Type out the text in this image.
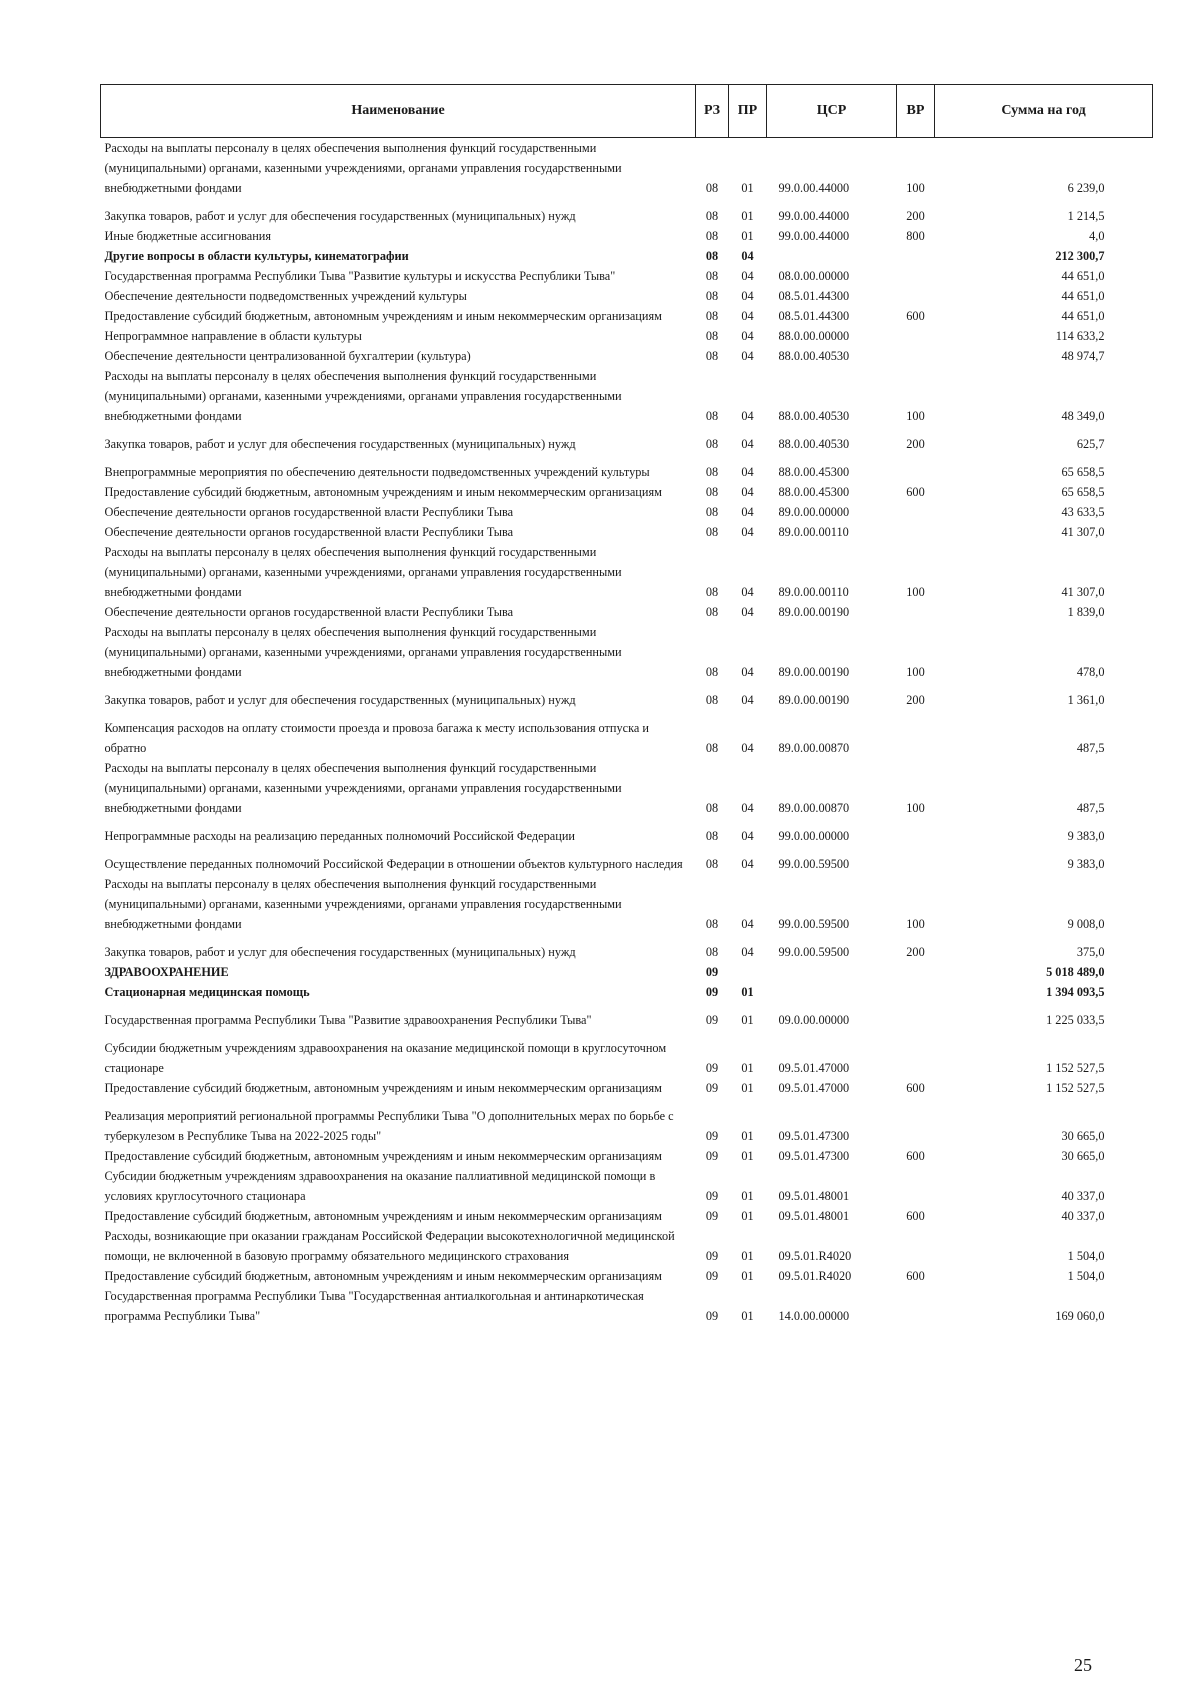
Наименование	РЗ	ПР	ЦСР	ВР	Сумма на год
Расходы на выплаты персоналу в целях обеспечения выполнения функций государственными (муниципальными) органами, казенными учреждениями, органами управления государственными внебюджетными фондами	08	01	99.0.00.44000	100	6 239,0
Закупка товаров, работ и услуг для обеспечения государственных (муниципальных) нужд	08	01	99.0.00.44000	200	1 214,5
Иные бюджетные ассигнования	08	01	99.0.00.44000	800	4,0
Другие вопросы в области культуры, кинематографии	08	04			212 300,7
Государственная программа Республики Тыва "Развитие культуры и искусства Республики Тыва"	08	04	08.0.00.00000		44 651,0
Обеспечение деятельности подведомственных учреждений культуры	08	04	08.5.01.44300		44 651,0
Предоставление субсидий бюджетным, автономным учреждениям и иным некоммерческим организациям	08	04	08.5.01.44300	600	44 651,0
Непрограммное направление в области культуры	08	04	88.0.00.00000		114 633,2
Обеспечение деятельности централизованной бухгалтерии (культура)	08	04	88.0.00.40530		48 974,7
Расходы на выплаты персоналу в целях обеспечения выполнения функций государственными (муниципальными) органами, казенными учреждениями, органами управления государственными внебюджетными фондами	08	04	88.0.00.40530	100	48 349,0
Закупка товаров, работ и услуг для обеспечения государственных (муниципальных) нужд	08	04	88.0.00.40530	200	625,7
Внепрограммные мероприятия по обеспечению деятельности подведомственных учреждений культуры	08	04	88.0.00.45300		65 658,5
Предоставление субсидий бюджетным, автономным учреждениям и иным некоммерческим организациям	08	04	88.0.00.45300	600	65 658,5
Обеспечение деятельности органов государственной власти Республики Тыва	08	04	89.0.00.00000		43 633,5
Обеспечение деятельности органов государственной власти Республики Тыва	08	04	89.0.00.00110		41 307,0
Расходы на выплаты персоналу в целях обеспечения выполнения функций государственными (муниципальными) органами, казенными учреждениями, органами управления государственными внебюджетными фондами	08	04	89.0.00.00110	100	41 307,0
Обеспечение деятельности органов государственной власти Республики Тыва	08	04	89.0.00.00190		1 839,0
Расходы на выплаты персоналу в целях обеспечения выполнения функций государственными (муниципальными) органами, казенными учреждениями, органами управления государственными внебюджетными фондами	08	04	89.0.00.00190	100	478,0
Закупка товаров, работ и услуг для обеспечения государственных (муниципальных) нужд	08	04	89.0.00.00190	200	1 361,0
Компенсация расходов на оплату стоимости проезда и провоза багажа к месту использования отпуска и обратно	08	04	89.0.00.00870		487,5
Расходы на выплаты персоналу в целях обеспечения выполнения функций государственными (муниципальными) органами, казенными учреждениями, органами управления государственными внебюджетными фондами	08	04	89.0.00.00870	100	487,5
Непрограммные расходы на реализацию переданных полномочий Российской Федерации	08	04	99.0.00.00000		9 383,0
Осуществление переданных полномочий Российской Федерации в отношении объектов культурного наследия	08	04	99.0.00.59500		9 383,0
Расходы на выплаты персоналу в целях обеспечения выполнения функций государственными (муниципальными) органами, казенными учреждениями, органами управления государственными внебюджетными фондами	08	04	99.0.00.59500	100	9 008,0
Закупка товаров, работ и услуг для обеспечения государственных (муниципальных) нужд	08	04	99.0.00.59500	200	375,0
ЗДРАВООХРАНЕНИЕ	09				5 018 489,0
Стационарная медицинская помощь	09	01			1 394 093,5
Государственная программа Республики Тыва "Развитие здравоохранения Республики Тыва"	09	01	09.0.00.00000		1 225 033,5
Субсидии бюджетным учреждениям здравоохранения на оказание медицинской помощи в круглосуточном стационаре	09	01	09.5.01.47000		1 152 527,5
Предоставление субсидий бюджетным, автономным учреждениям и иным некоммерческим организациям	09	01	09.5.01.47000	600	1 152 527,5
Реализация мероприятий региональной программы Республики Тыва "О дополнительных мерах по борьбе с туберкулезом в Республике Тыва на 2022-2025 годы"	09	01	09.5.01.47300		30 665,0
Предоставление субсидий бюджетным, автономным учреждениям и иным некоммерческим организациям	09	01	09.5.01.47300	600	30 665,0
Субсидии бюджетным учреждениям здравоохранения на оказание паллиативной медицинской помощи в условиях круглосуточного стационара	09	01	09.5.01.48001		40 337,0
Предоставление субсидий бюджетным, автономным учреждениям и иным некоммерческим организациям	09	01	09.5.01.48001	600	40 337,0
Расходы, возникающие при оказании гражданам Российской Федерации высокотехнологичной медицинской помощи, не включенной в базовую программу обязательного медицинского страхования	09	01	09.5.01.R4020		1 504,0
Предоставление субсидий бюджетным, автономным учреждениям и иным некоммерческим организациям	09	01	09.5.01.R4020	600	1 504,0
Государственная программа Республики Тыва "Государственная антиалкогольная и антинаркотическая программа Республики Тыва"	09	01	14.0.00.00000		169 060,0
25
